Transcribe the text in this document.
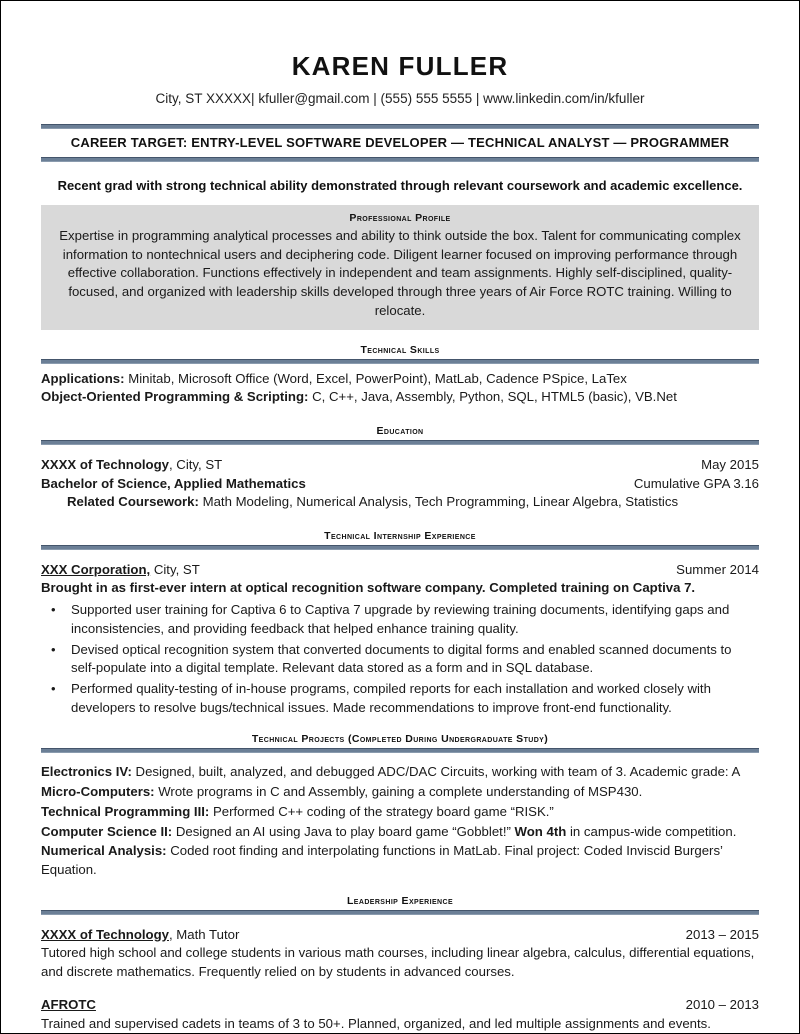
KAREN FULLER
City, ST XXXXX| kfuller@gmail.com | (555) 555 5555 | www.linkedin.com/in/kfuller
CAREER TARGET: ENTRY-LEVEL SOFTWARE DEVELOPER — TECHNICAL ANALYST — PROGRAMMER
Recent grad with strong technical ability demonstrated through relevant coursework and academic excellence.
Professional Profile
Expertise in programming analytical processes and ability to think outside the box. Talent for communicating complex information to nontechnical users and deciphering code. Diligent learner focused on improving performance through effective collaboration. Functions effectively in independent and team assignments. Highly self-disciplined, quality-focused, and organized with leadership skills developed through three years of Air Force ROTC training. Willing to relocate.
Technical Skills
Applications: Minitab, Microsoft Office (Word, Excel, PowerPoint), MatLab, Cadence PSpice, LaTex
Object-Oriented Programming & Scripting: C, C++, Java, Assembly, Python, SQL, HTML5 (basic), VB.Net
Education
XXXX of Technology, City, ST	May 2015
Bachelor of Science, Applied Mathematics	Cumulative GPA 3.16
Related Coursework: Math Modeling, Numerical Analysis, Tech Programming, Linear Algebra, Statistics
Technical Internship Experience
XXX Corporation, City, ST	Summer 2014
Brought in as first-ever intern at optical recognition software company. Completed training on Captiva 7.
• Supported user training for Captiva 6 to Captiva 7 upgrade by reviewing training documents, identifying gaps and inconsistencies, and providing feedback that helped enhance training quality.
• Devised optical recognition system that converted documents to digital forms and enabled scanned documents to self-populate into a digital template. Relevant data stored as a form and in SQL database.
• Performed quality-testing of in-house programs, compiled reports for each installation and worked closely with developers to resolve bugs/technical issues. Made recommendations to improve front-end functionality.
Technical Projects (Completed During Undergraduate Study)
Electronics IV: Designed, built, analyzed, and debugged ADC/DAC Circuits, working with team of 3. Academic grade: A
Micro-Computers: Wrote programs in C and Assembly, gaining a complete understanding of MSP430.
Technical Programming III: Performed C++ coding of the strategy board game “RISK.”
Computer Science II: Designed an AI using Java to play board game “Gobblet!” Won 4th in campus-wide competition.
Numerical Analysis: Coded root finding and interpolating functions in MatLab. Final project: Coded Inviscid Burgers’ Equation.
Leadership Experience
XXXX of Technology, Math Tutor	2013 – 2015
Tutored high school and college students in various math courses, including linear algebra, calculus, differential equations, and discrete mathematics. Frequently relied on by students in advanced courses.
AFROTC	2010 – 2013
Trained and supervised cadets in teams of 3 to 50+. Planned, organized, and led multiple assignments and events.
